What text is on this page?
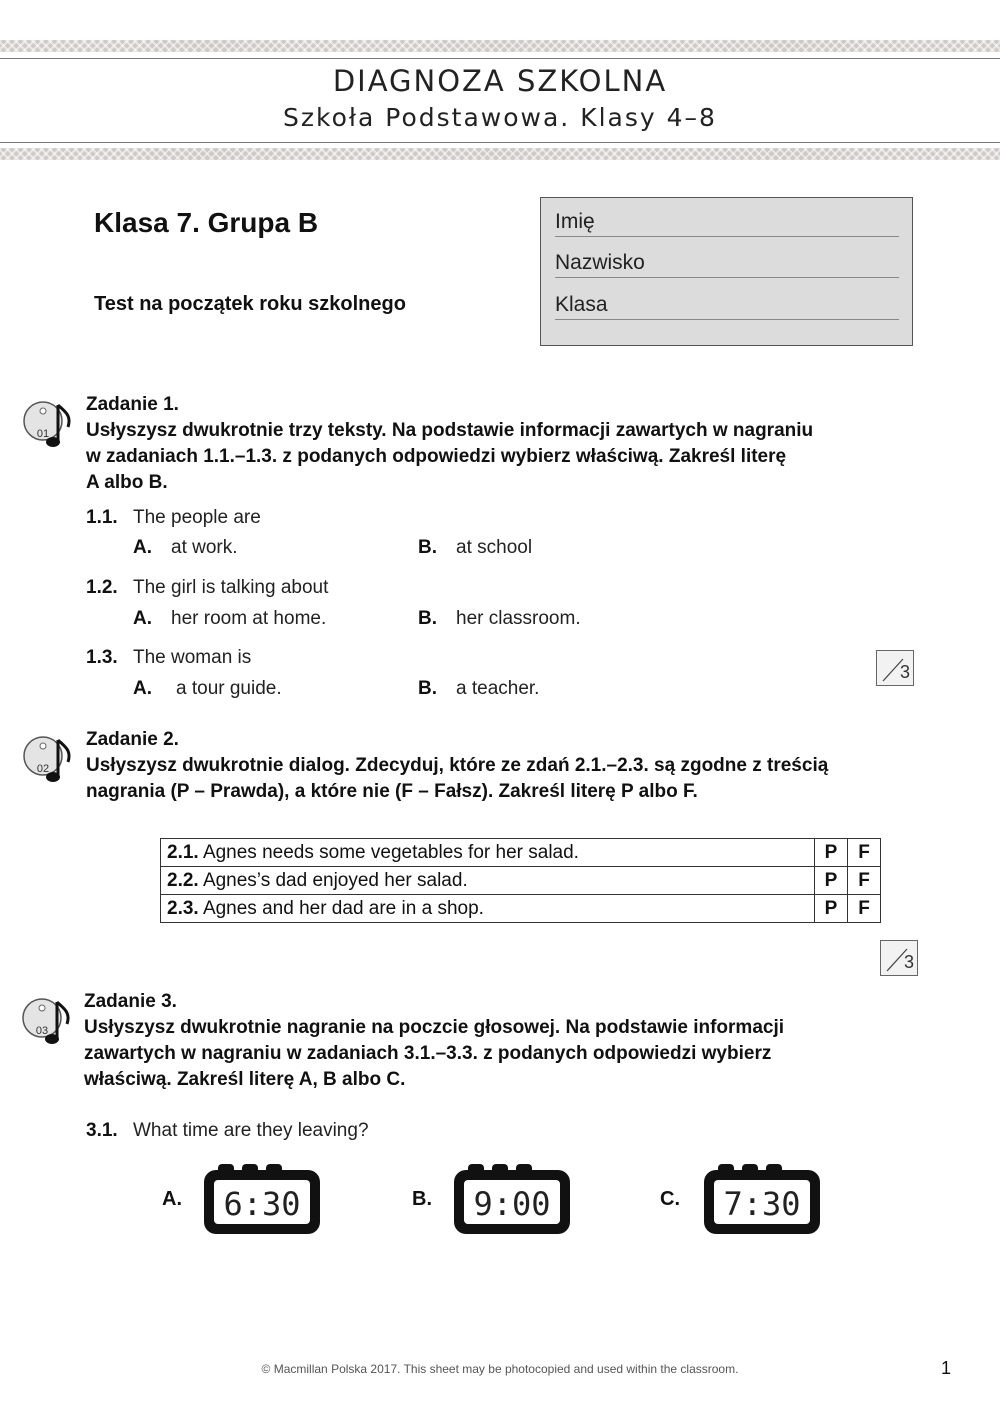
DIAGNOZA SZKOLNA
Szkoła Podstawowa. Klasy 4–8
Klasa 7. Grupa B
Test na początek roku szkolnego
Imię
Nazwisko
Klasa
01
Zadanie 1.
Usłyszysz dwukrotnie trzy teksty. Na podstawie informacji zawartych w nagraniu
w zadaniach 1.1.–1.3. z podanych odpowiedzi wybierz właściwą. Zakreśl literę
A albo B.
1.1. The people are
A. at work.	B. at school
1.2. The girl is talking about
A. her room at home.	B. her classroom.
1.3. The woman is
A. a tour guide.	B. a teacher.
3
02
Zadanie 2.
Usłyszysz dwukrotnie dialog. Zdecyduj, które ze zdań 2.1.–2.3. są zgodne z treścią
nagrania (P – Prawda), a które nie (F – Fałsz). Zakreśl literę P albo F.
2.1. Agnes needs some vegetables for her salad.	P	F
2.2. Agnes’s dad enjoyed her salad.	P	F
2.3. Agnes and her dad are in a shop.	P	F
3
03
Zadanie 3.
Usłyszysz dwukrotnie nagranie na poczcie głosowej. Na podstawie informacji
zawartych w nagraniu w zadaniach 3.1.–3.3. z podanych odpowiedzi wybierz
właściwą. Zakreśl literę A, B albo C.
3.1. What time are they leaving?
A. 6:30	B. 9:00	C. 7:30
© Macmillan Polska 2017. This sheet may be photocopied and used within the classroom.	1
